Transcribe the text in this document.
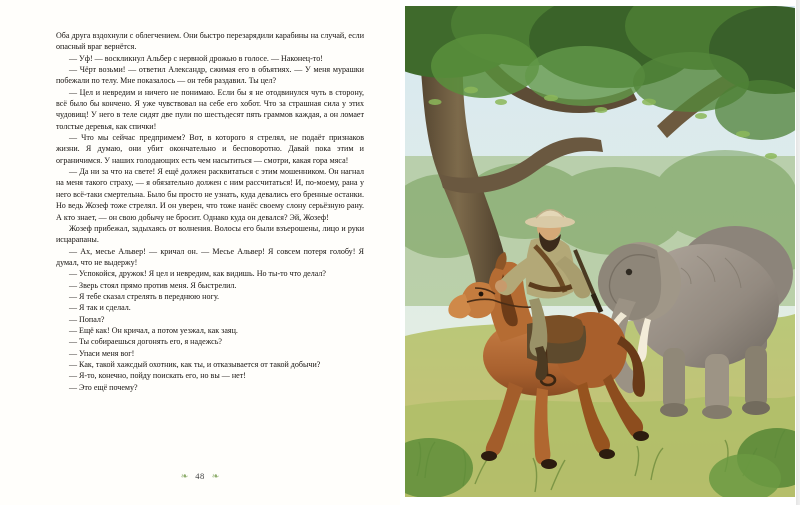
Оба друга вздохнули с облегчением. Они быстро перезарядили карабины на случай, если опасный враг вернётся.

— Уф! — воскликнул Альбер с нервной дрожью в голосе. — Наконец-то!

— Чёрт возьми! — ответил Александр, сжимая его в объятиях. — У меня мурашки побежали по телу. Мне показалось — он тебя раздавил. Ты цел?

— Цел и невредим и ничего не понимаю. Если бы я не отодвинулся чуть в сторону, всё было бы кончено. Я уже чувствовал на себе его хобот. Что за страшная сила у этих чудовищ! У него в теле сидят две пули по шестьдесят пять граммов каждая, а он ломает толстые деревья, как спички!

— Что мы сейчас предпримем? Вот, в которого я стрелял, не подаёт признаков жизни. Я думаю, они убит окончательно и бесповоротно. Давай пока этим и ограничимся. У наших голодающих есть чем насытиться — смотри, какая гора мяса!

— Да ни за что на свете! Я ещё должен расквитаться с этим мошенником. Он нагнал на меня такого страху, — я обязательно должен с ним рассчитаться! И, по-моему, рана у него всё-таки смертельна. Было бы просто не узнать, куда девались его бренные останки. Но ведь Жозеф тоже стрелял. И он уверен, что тоже нанёс своему слону серьёзную рану. А кто знает, — он свою добычу не бросит. Однако куда он девался? Эй, Жозеф!

Жозеф прибежал, задыхаясь от волнения. Волосы его были взъерошены, лицо и руки исцарапаны.

— Ах, месье Альвер! — кричал он. — Месье Альвер! Я совсем потеря голобу! Я думал, что не выдержу!

— Успокойся, дружок! Я цел и невредим, как видишь. Но ты-то что делал?

— Зверь стоял прямо против меня. Я быстрелил.

— Я тебе сказал стрелять в переднюю ногу.

— Я так и сделал.

— Попал?

— Ещё как! Он кричал, а потом уезжал, как заяц.

— Ты собираешься догонять его, я надежсь?

— Упаси меня вог!

— Как, такой хажсдый охотник, как ты, и отказывается от такой добычи?

— Я-то, конечно, пойду поискать его, но вы — нет!

— Это ещё почему?

❧ 48 ❧
